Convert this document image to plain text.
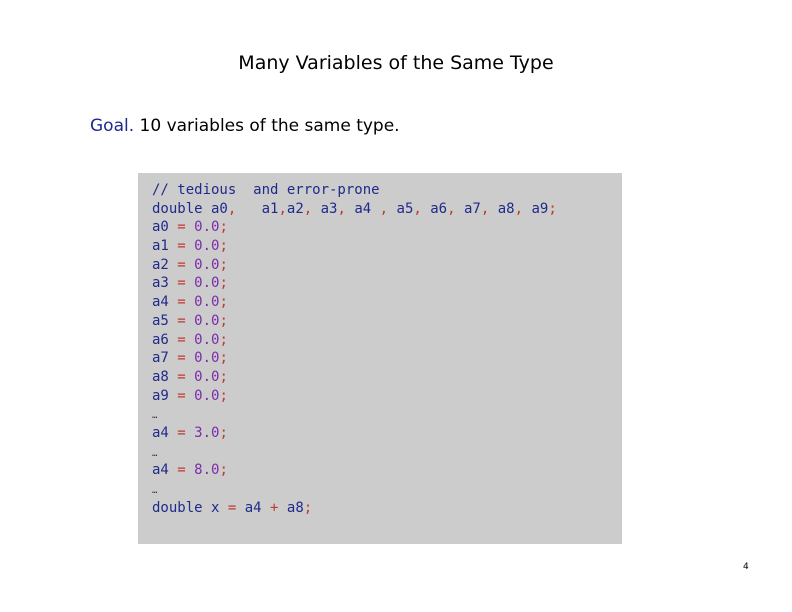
Many Variables of the Same Type
Goal. 10 variables of the same type.
// tedious  and error-prone
double a0,   a1,a2, a3, a4 , a5, a6, a7, a8, a9;
a0 = 0.0;
a1 = 0.0;
a2 = 0.0;
a3 = 0.0;
a4 = 0.0;
a5 = 0.0;
a6 = 0.0;
a7 = 0.0;
a8 = 0.0;
a9 = 0.0;
…
a4 = 3.0;
…
a4 = 8.0;
…
double x = a4 + a8;
4
